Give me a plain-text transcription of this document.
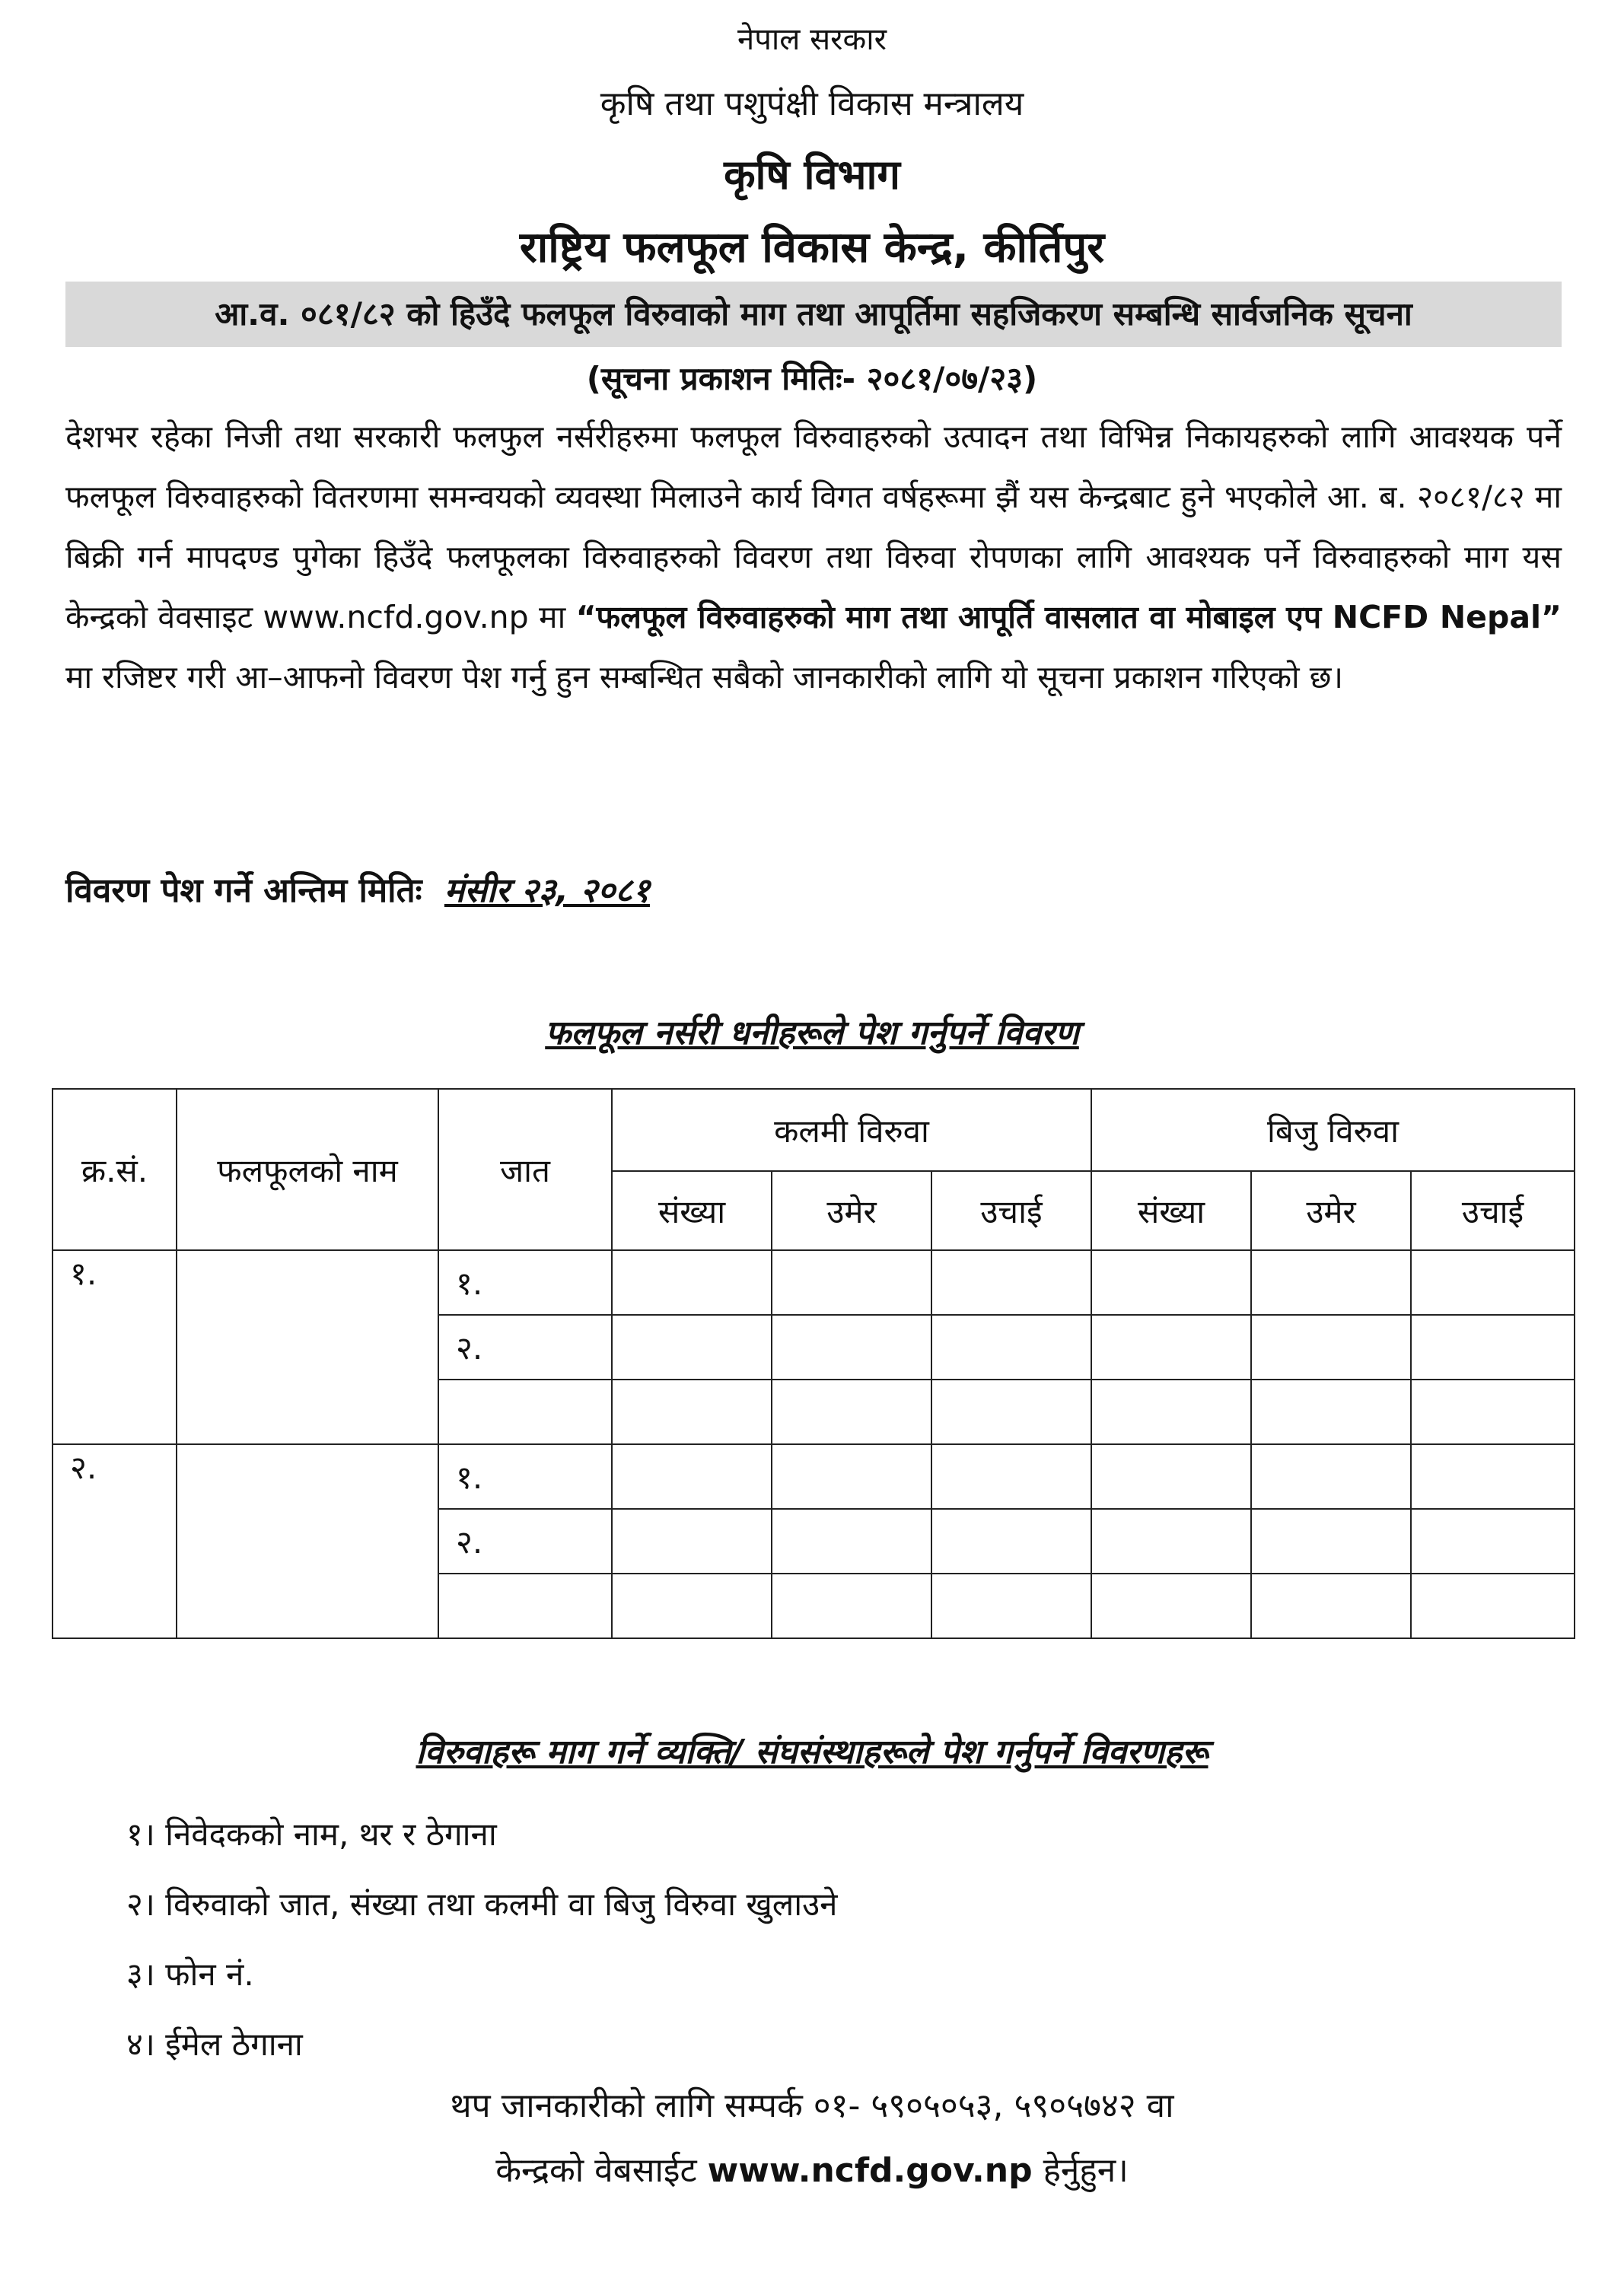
नेपाल सरकार
कृषि तथा पशुपंक्षी विकास मन्त्रालय
कृषि विभाग
राष्ट्रिय फलफूल विकास केन्द्र, कीर्तिपुर
आ.व. ०८१/८२ को हिउँदे फलफूल विरुवाको माग तथा आपूर्तिमा सहजिकरण सम्बन्धि सार्वजनिक सूचना
(सूचना प्रकाशन मितिः- २०८१/०७/२३)
देशभर रहेका निजी तथा सरकारी फलफुल नर्सरीहरुमा फलफूल विरुवाहरुको उत्पादन तथा विभिन्न निकायहरुको लागि आवश्यक पर्ने फलफूल विरुवाहरुको वितरणमा समन्वयको व्यवस्था मिलाउने कार्य विगत वर्षहरूमा झैं यस केन्द्रबाट हुने भएकोले आ. ब. २०८१/८२ मा बिक्री गर्न मापदण्ड पुगेका हिउँदे फलफूलका विरुवाहरुको विवरण तथा विरुवा रोपणका लागि आवश्यक पर्ने विरुवाहरुको माग यस केन्द्रको वेवसाइट www.ncfd.gov.np मा “फलफूल विरुवाहरुको माग तथा आपूर्ति वासलात वा मोबाइल एप NCFD Nepal” मा रजिष्टर गरी आ–आफनो विवरण पेश गर्नु हुन सम्बन्धित सबैको जानकारीको लागि यो सूचना प्रकाशन गरिएको छ।
विवरण पेश गर्ने अन्तिम मितिः मंसीर २३, २०८१
फलफूल नर्सरी धनीहरूले पेश गर्नुपर्ने विवरण
क्र.सं.	फलफूलको नाम	जात	कलमी विरुवा			बिजु विरुवा		
			संख्या	उमेर	उचाई	संख्या	उमेर	उचाई
१.		१.						
		२.						

२.		१.						
		२.						

विरुवाहरू माग गर्ने व्यक्ति/ संघसंस्थाहरूले पेश गर्नुपर्ने विवरणहरू
१। निवेदकको नाम, थर र ठेगाना
२। विरुवाको जात, संख्या तथा कलमी वा बिजु विरुवा खुलाउने
३। फोन नं.
४। ईमेल ठेगाना
थप जानकारीको लागि सम्पर्क ०१- ५९०५०५३, ५९०५७४२ वा
केन्द्रको वेबसाईट www.ncfd.gov.np हेर्नुहुन।
